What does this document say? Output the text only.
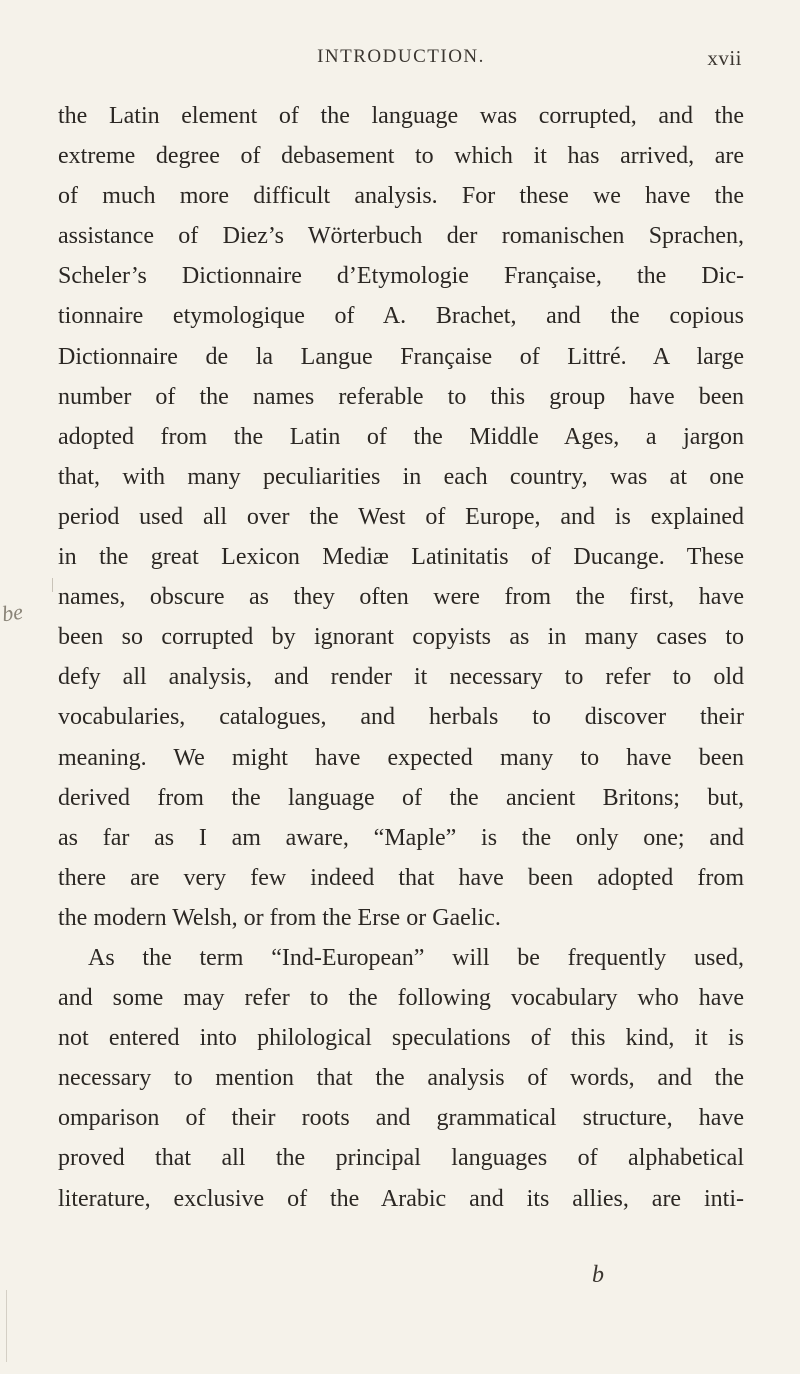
INTRODUCTION.	xvii
the Latin element of the language was corrupted, and the
extreme degree of debasement to which it has arrived, are
of much more difficult analysis. For these we have the
assistance of Diez’s Wörterbuch der romanischen Sprachen,
Scheler’s Dictionnaire d’Etymologie Française, the Dic-
tionnaire etymologique of A. Brachet, and the copious
Dictionnaire de la Langue Française of Littré. A large
number of the names referable to this group have been
adopted from the Latin of the Middle Ages, a jargon
that, with many peculiarities in each country, was at one
period used all over the West of Europe, and is explained
in the great Lexicon Mediæ Latinitatis of Ducange. These
names, obscure as they often were from the first, have
been so corrupted by ignorant copyists as in many cases to
defy all analysis, and render it necessary to refer to old
vocabularies, catalogues, and herbals to discover their
meaning. We might have expected many to have been
derived from the language of the ancient Britons; but,
as far as I am aware, “Maple” is the only one; and
there are very few indeed that have been adopted from
the modern Welsh, or from the Erse or Gaelic.
As the term “Ind-European” will be frequently used,
and some may refer to the following vocabulary who have
not entered into philological speculations of this kind, it is
necessary to mention that the analysis of words, and the
omparison of their roots and grammatical structure, have
proved that all the principal languages of alphabetical
literature, exclusive of the Arabic and its allies, are inti-
b
be
